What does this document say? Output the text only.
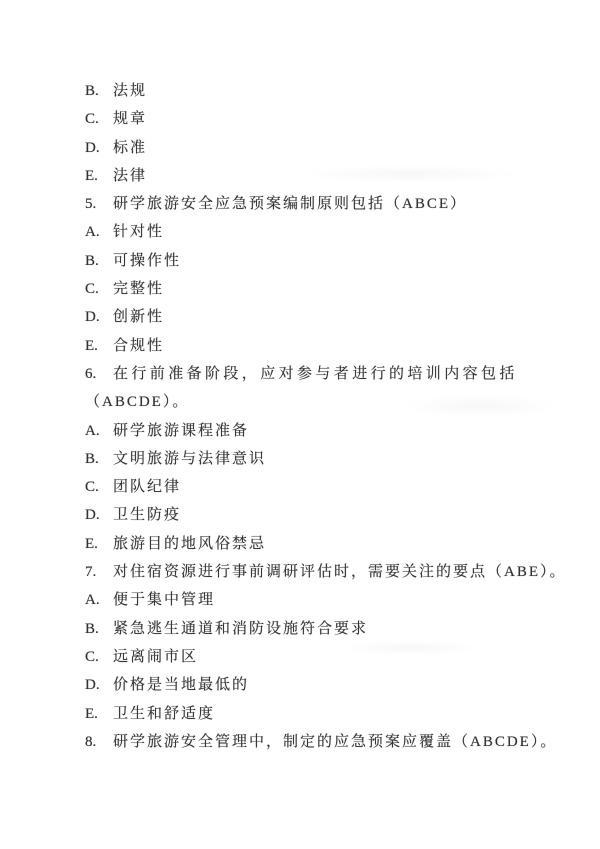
B. 法规
C. 规章
D. 标准
E. 法律
5. 研学旅游安全应急预案编制原则包括（ABCE）
A. 针对性
B. 可操作性
C. 完整性
D. 创新性
E. 合规性
6. 在行前准备阶段，应对参与者进行的培训内容包括
（ABCDE）。
A. 研学旅游课程准备
B. 文明旅游与法律意识
C. 团队纪律
D. 卫生防疫
E. 旅游目的地风俗禁忌
7. 对住宿资源进行事前调研评估时，需要关注的要点（ABE）。
A. 便于集中管理
B. 紧急逃生通道和消防设施符合要求
C. 远离闹市区
D. 价格是当地最低的
E. 卫生和舒适度
8. 研学旅游安全管理中，制定的应急预案应覆盖（ABCDE）。
